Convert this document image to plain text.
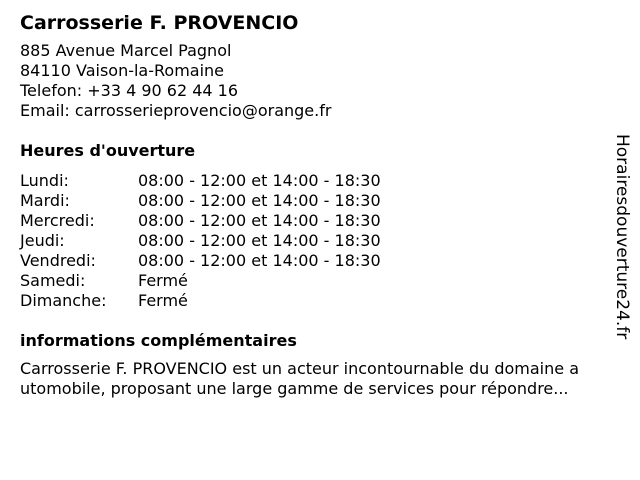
Carrosserie F. PROVENCIO
885 Avenue Marcel Pagnol
84110 Vaison-la-Romaine
Telefon: +33 4 90 62 44 16
Email: carrosserieprovencio@orange.fr
Heures d'ouverture
Lundi:	08:00 - 12:00 et 14:00 - 18:30
Mardi:	08:00 - 12:00 et 14:00 - 18:30
Mercredi:	08:00 - 12:00 et 14:00 - 18:30
Jeudi:	08:00 - 12:00 et 14:00 - 18:30
Vendredi:	08:00 - 12:00 et 14:00 - 18:30
Samedi:	Fermé
Dimanche:	Fermé
informations complémentaires
Carrosserie F. PROVENCIO est un acteur incontournable du domaine a
utomobile, proposant une large gamme de services pour répondre...
Horairesdouverture24.fr
